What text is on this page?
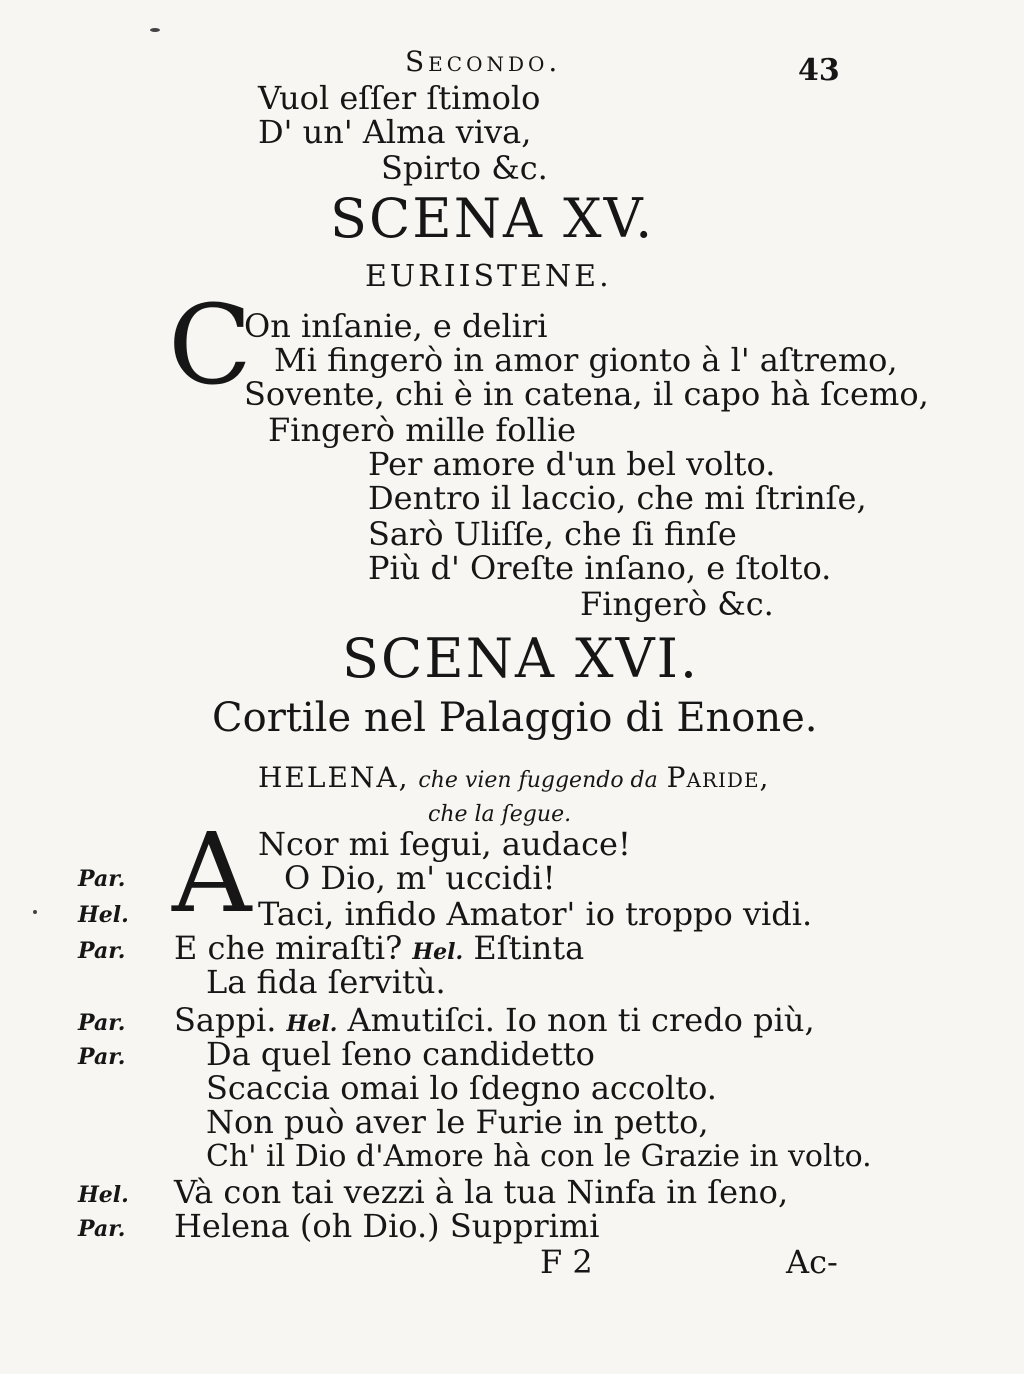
Secondo.	43
Vuol eſſer ſtimolo
D' un' Alma viva,
Spirto &c.
SCENA XV.
EURIISTENE.
C
On inſanie, e deliri
Mi fingerò in amor gionto à l' aſtremo,
Sovente, chi è in catena, il capo hà ſcemo,
Fingerò mille follie
Per amore d'un bel volto.
Dentro il laccio, che mi ſtrinſe,
Sarò Uliſſe, che ſi finſe
Più d' Oreſte inſano, e ſtolto.
Fingerò &c.
SCENA XVI.
Cortile nel Palaggio di Enone.
HELENA, che vien fuggendo da Paride,
che la ſegue.
A Ncor mi ſegui, audace!
Par.	O Dio, m' uccidi!
Hel.	Taci, infido Amator' io troppo vidi.
Par. E che miraſti? Hel. Eſtinta
La fida ſervitù.
Par. Sappi. Hel. Amutiſci. Io non ti credo più,
Par.	Da quel ſeno candidetto
Scaccia omai lo ſdegno accolto.
Non può aver le Furie in petto,
Ch' il Dio d'Amore hà con le Grazie in volto.
Hel. Và con tai vezzi à la tua Ninfa in ſeno,
Par. Helena (oh Dio.) Supprimi
F 2	Ac-
